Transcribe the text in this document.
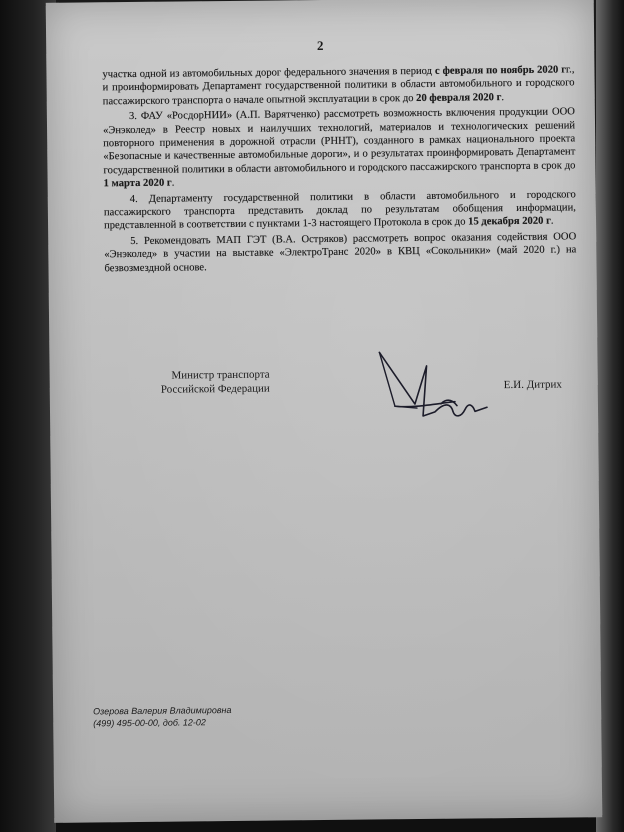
2

участка одной из автомобильных дорог федерального значения в период с февраля по ноябрь 2020 гг., и проинформировать Департамент государственной политики в области автомобильного и городского пассажирского транспорта о начале опытной эксплуатации в срок до 20 февраля 2020 г.

3. ФАУ «РосдорНИИ» (А.П. Варятченко) рассмотреть возможность включения продукции ООО «Энэколед» в Реестр новых и наилучших технологий, материалов и технологических решений повторного применения в дорожной отрасли (РННТ), созданного в рамках национального проекта «Безопасные и качественные автомобильные дороги», и о результатах проинформировать Департамент государственной политики в области автомобильного и городского пассажирского транспорта в срок до 1 марта 2020 г.

4. Департаменту государственной политики в области автомобильного и городского пассажирского транспорта представить доклад по результатам обобщения информации, представленной в соответствии с пунктами 1-3 настоящего Протокола в срок до 15 декабря 2020 г.

5. Рекомендовать МАП ГЭТ (В.А. Остряков) рассмотреть вопрос оказания содействия ООО «Энэколед» в участии на выставке «ЭлектроТранс 2020» в КВЦ «Сокольники» (май 2020 г.) на безвозмездной основе.

Министр транспорта
Российской Федерации	Е.И. Дитрих
Озерова Валерия Владимировна
(499) 495-00-00, доб. 12-02
